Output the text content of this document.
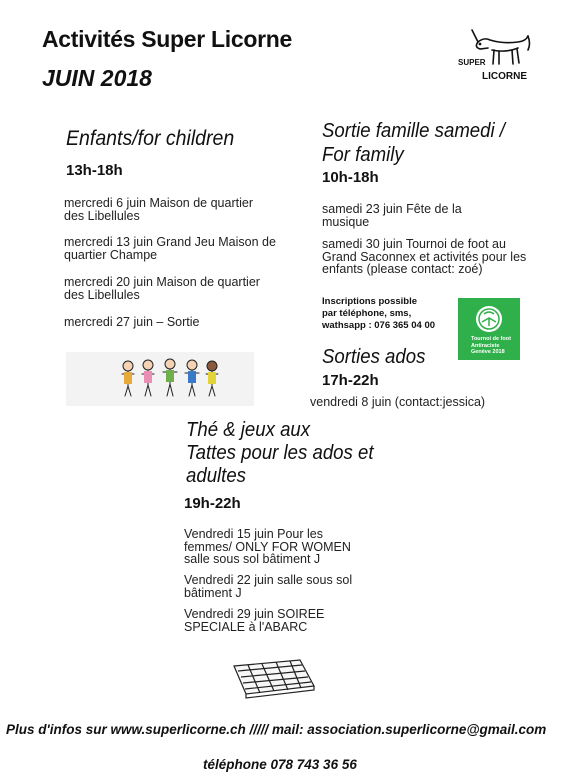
Activités Super Licorne
JUIN 2018
SUPER
LICORNE
Enfants/for children
13h-18h
mercredi 6 juin Maison de quartier des Libellules
mercredi 13 juin Grand Jeu Maison de quartier Champe
mercredi 20 juin Maison de quartier des Libellules
mercredi 27 juin – Sortie
Sortie famille samedi /
For family
10h-18h
samedi 23 juin Fête de la musique
samedi 30 juin Tournoi de foot au Grand Saconnex et activités pour les enfants (please contact: zoé)
Inscriptions possible
par téléphone, sms,
wathsapp : 076 365 04 00
Tournoi de foot
Antiraciste
Genève 2018
Sorties ados
17h-22h
vendredi 8 juin (contact:jessica)
Thé & jeux aux
Tattes pour les ados et
adultes
19h-22h
Vendredi 15 juin Pour les femmes/ ONLY FOR WOMEN salle sous sol bâtiment J
Vendredi 22 juin salle sous sol bâtiment J
Vendredi 29 juin SOIREE SPECIALE à l'ABARC
Plus d'infos sur www.superlicorne.ch ///// mail: association.superlicorne@gmail.com
téléphone 078 743 36 56
